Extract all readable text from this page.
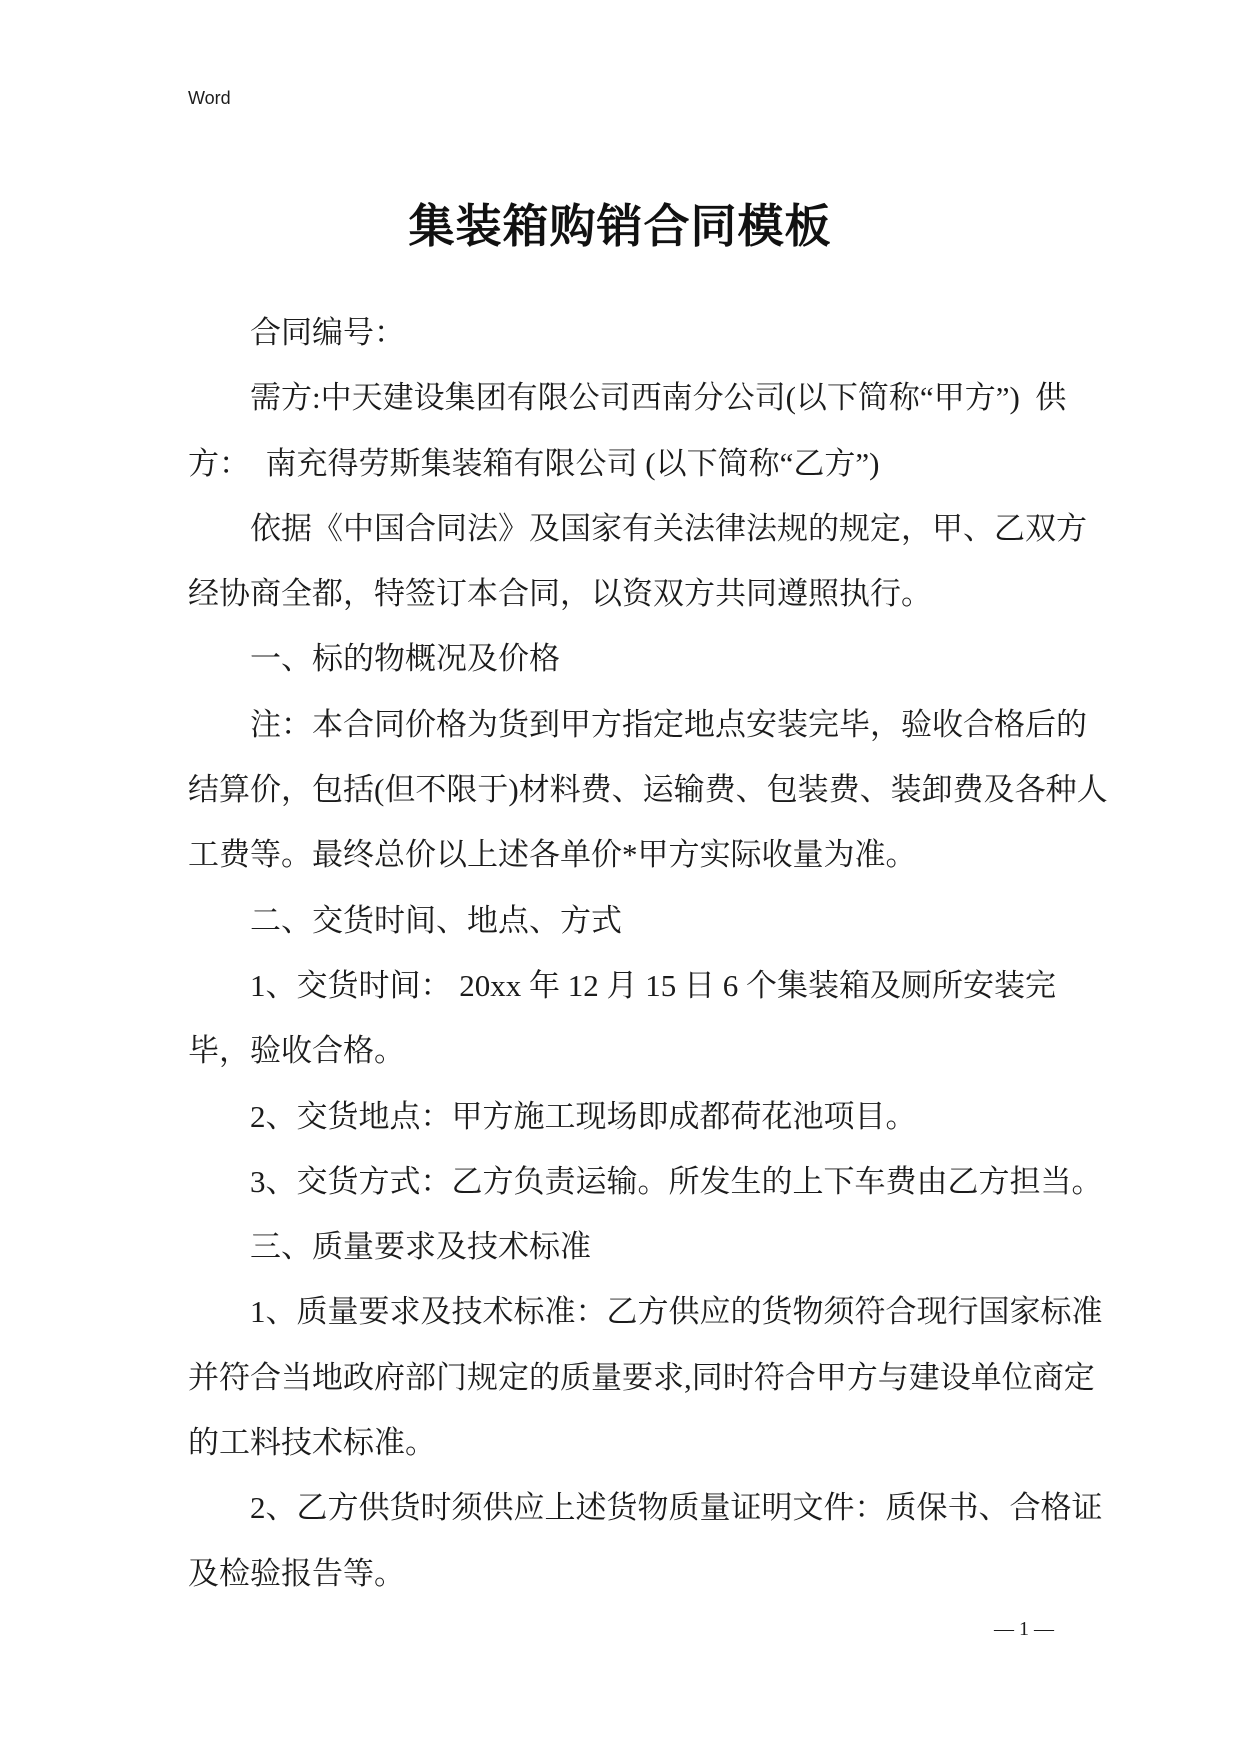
Word
集装箱购销合同模板
合同编号：
需方:中天建设集团有限公司西南分公司(以下简称“甲方”)  供
方：  南充得劳斯集装箱有限公司 (以下简称“乙方”)
依据《中国合同法》及国家有关法律法规的规定，甲、乙双方
经协商全都，特签订本合同，以资双方共同遵照执行。
一、标的物概况及价格
注：本合同价格为货到甲方指定地点安装完毕，验收合格后的
结算价，包括(但不限于)材料费、运输费、包装费、装卸费及各种人
工费等。最终总价以上述各单价*甲方实际收量为准。
二、交货时间、地点、方式
1、交货时间： 20xx 年 12 月 15 日 6 个集装箱及厕所安装完
毕，验收合格。
2、交货地点：甲方施工现场即成都荷花池项目。
3、交货方式：乙方负责运输。所发生的上下车费由乙方担当。
三、质量要求及技术标准
1、质量要求及技术标准：乙方供应的货物须符合现行国家标准
并符合当地政府部门规定的质量要求,同时符合甲方与建设单位商定
的工料技术标准。
2、乙方供货时须供应上述货物质量证明文件：质保书、合格证
及检验报告等。
— 1 —
